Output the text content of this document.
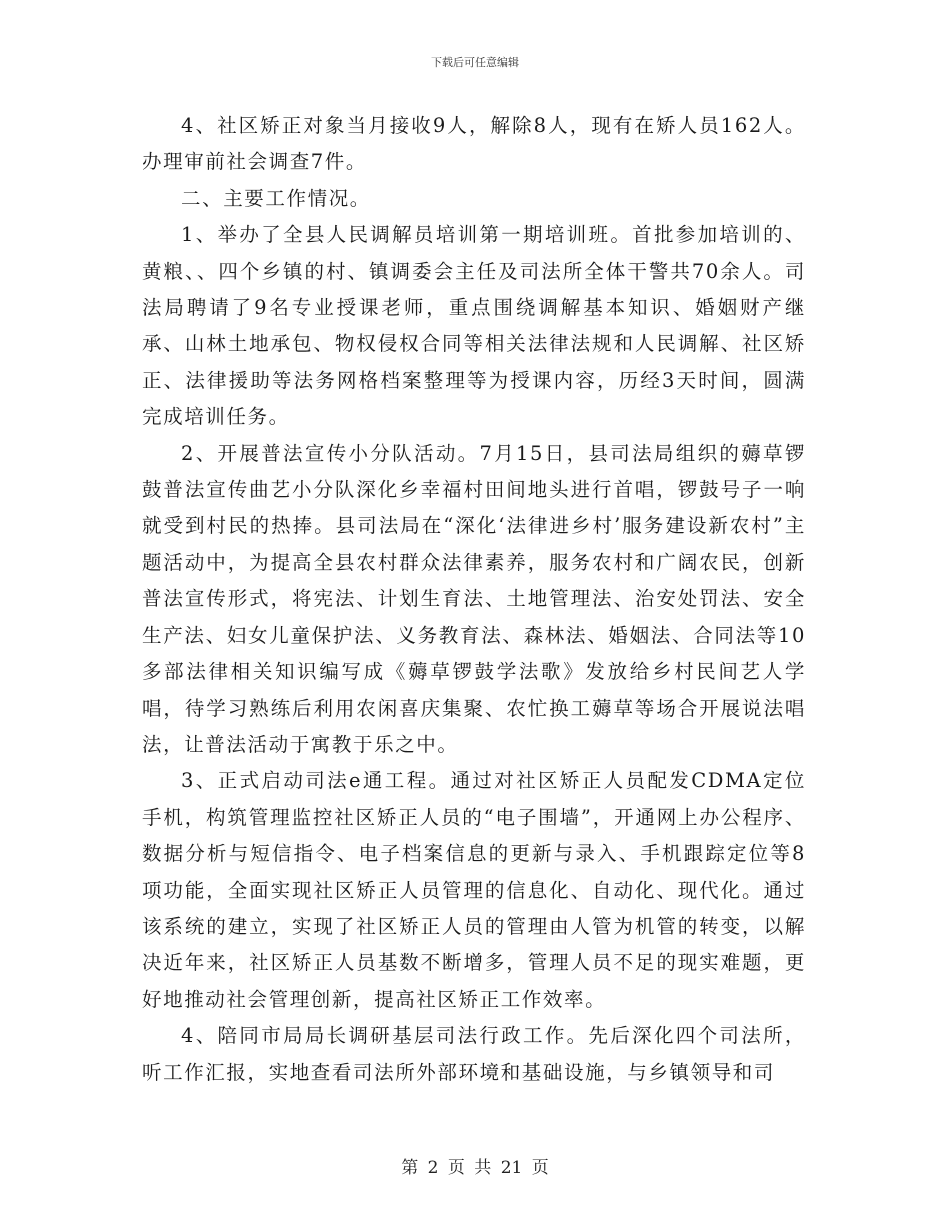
下载后可任意编辑

4、社区矫正对象当月接收9人，解除8人，现有在矫人员162人。办理审前社会调查7件。

二、主要工作情况。

1、举办了全县人民调解员培训第一期培训班。首批参加培训的、黄粮、、四个乡镇的村、镇调委会主任及司法所全体干警共70余人。司法局聘请了9名专业授课老师，重点围绕调解基本知识、婚姻财产继承、山林土地承包、物权侵权合同等相关法律法规和人民调解、社区矫正、法律援助等法务网格档案整理等为授课内容，历经3天时间，圆满完成培训任务。

2、开展普法宣传小分队活动。7月15日，县司法局组织的薅草锣鼓普法宣传曲艺小分队深化乡幸福村田间地头进行首唱，锣鼓号子一响就受到村民的热捧。县司法局在“深化‘法律进乡村’服务建设新农村”主题活动中，为提高全县农村群众法律素养，服务农村和广阔农民，创新普法宣传形式，将宪法、计划生育法、土地管理法、治安处罚法、安全生产法、妇女儿童保护法、义务教育法、森林法、婚姻法、合同法等10多部法律相关知识编写成《薅草锣鼓学法歌》发放给乡村民间艺人学唱，待学习熟练后利用农闲喜庆集聚、农忙换工薅草等场合开展说法唱法，让普法活动于寓教于乐之中。

3、正式启动司法e通工程。通过对社区矫正人员配发CDMA定位手机，构筑管理监控社区矫正人员的“电子围墙”，开通网上办公程序、数据分析与短信指令、电子档案信息的更新与录入、手机跟踪定位等8项功能，全面实现社区矫正人员管理的信息化、自动化、现代化。通过该系统的建立，实现了社区矫正人员的管理由人管为机管的转变，以解决近年来，社区矫正人员基数不断增多，管理人员不足的现实难题，更好地推动社会管理创新，提高社区矫正工作效率。

4、陪同市局局长调研基层司法行政工作。先后深化四个司法所，听工作汇报，实地查看司法所外部环境和基础设施，与乡镇领导和司

第 2 页 共 21 页
